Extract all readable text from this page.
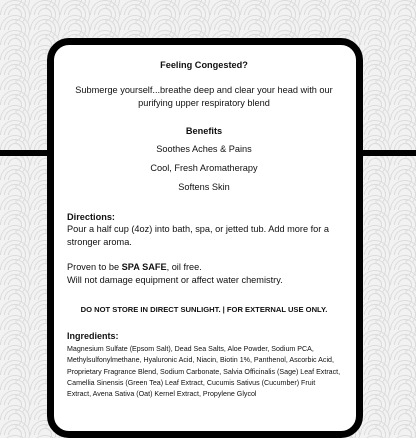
Feeling Congested?

Submerge yourself...breathe deep and clear your head with our purifying upper respiratory blend

Benefits

Soothes Aches & Pains

Cool, Fresh Aromatherapy

Softens Skin

Directions:

Pour a half cup (4oz) into bath, spa, or jetted tub. Add more for a stronger aroma.

Proven to be SPA SAFE, oil free.

Will not damage equipment or affect water chemistry.

DO NOT STORE IN DIRECT SUNLIGHT. | FOR EXTERNAL USE ONLY.

Ingredients:

Magnesium Sulfate (Epsom Salt), Dead Sea Salts, Aloe Powder, Sodium PCA, Methylsulfonylmethane, Hyaluronic Acid, Niacin, Biotin 1%, Panthenol, Ascorbic Acid, Proprietary Fragrance Blend, Sodium Carbonate, Salvia Officinalis (Sage) Leaf Extract, Camellia Sinensis (Green Tea) Leaf Extract, Cucumis Sativus (Cucumber) Fruit Extract, Avena Sativa (Oat) Kernel Extract, Propylene Glycol
